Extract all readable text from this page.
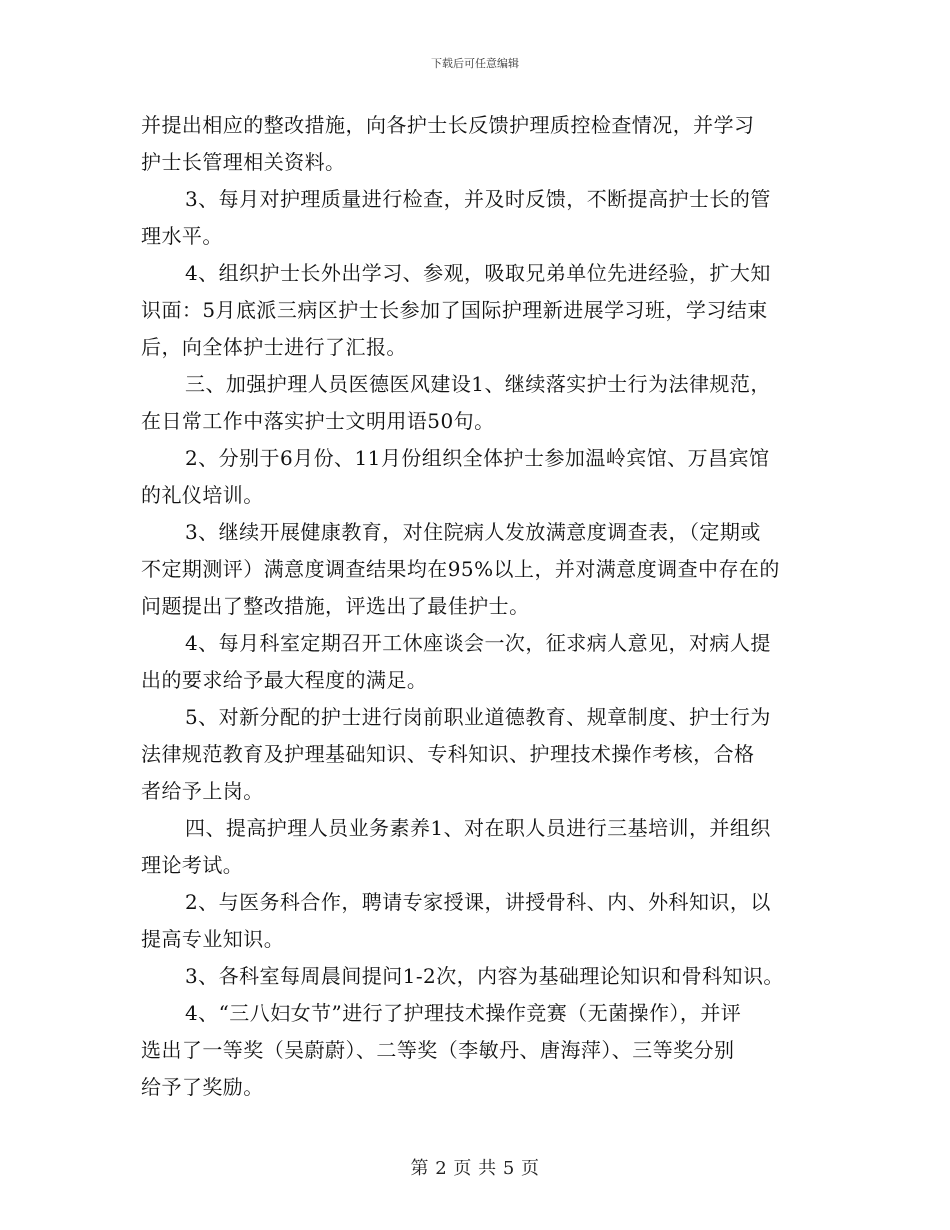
下载后可任意编辑
并提出相应的整改措施，向各护士长反馈护理质控检查情况，并学习
护士长管理相关资料。
3、每月对护理质量进行检查，并及时反馈，不断提高护士长的管
理水平。
4、组织护士长外出学习、参观，吸取兄弟单位先进经验，扩大知
识面：5月底派三病区护士长参加了国际护理新进展学习班，学习结束
后，向全体护士进行了汇报。
三、加强护理人员医德医风建设1、继续落实护士行为法律规范，
在日常工作中落实护士文明用语50句。
2、分别于6月份、11月份组织全体护士参加温岭宾馆、万昌宾馆
的礼仪培训。
3、继续开展健康教育，对住院病人发放满意度调查表，（定期或
不定期测评）满意度调查结果均在95%以上，并对满意度调查中存在的
问题提出了整改措施，评选出了最佳护士。
4、每月科室定期召开工休座谈会一次，征求病人意见，对病人提
出的要求给予最大程度的满足。
5、对新分配的护士进行岗前职业道德教育、规章制度、护士行为
法律规范教育及护理基础知识、专科知识、护理技术操作考核，合格
者给予上岗。
四、提高护理人员业务素养1、对在职人员进行三基培训，并组织
理论考试。
2、与医务科合作，聘请专家授课，讲授骨科、内、外科知识，以
提高专业知识。
3、各科室每周晨间提问1-2次，内容为基础理论知识和骨科知识。
4、“三八妇女节”进行了护理技术操作竞赛（无菌操作），并评
选出了一等奖（吴蔚蔚）、二等奖（李敏丹、唐海萍）、三等奖分别
给予了奖励。
第 2 页 共 5 页
